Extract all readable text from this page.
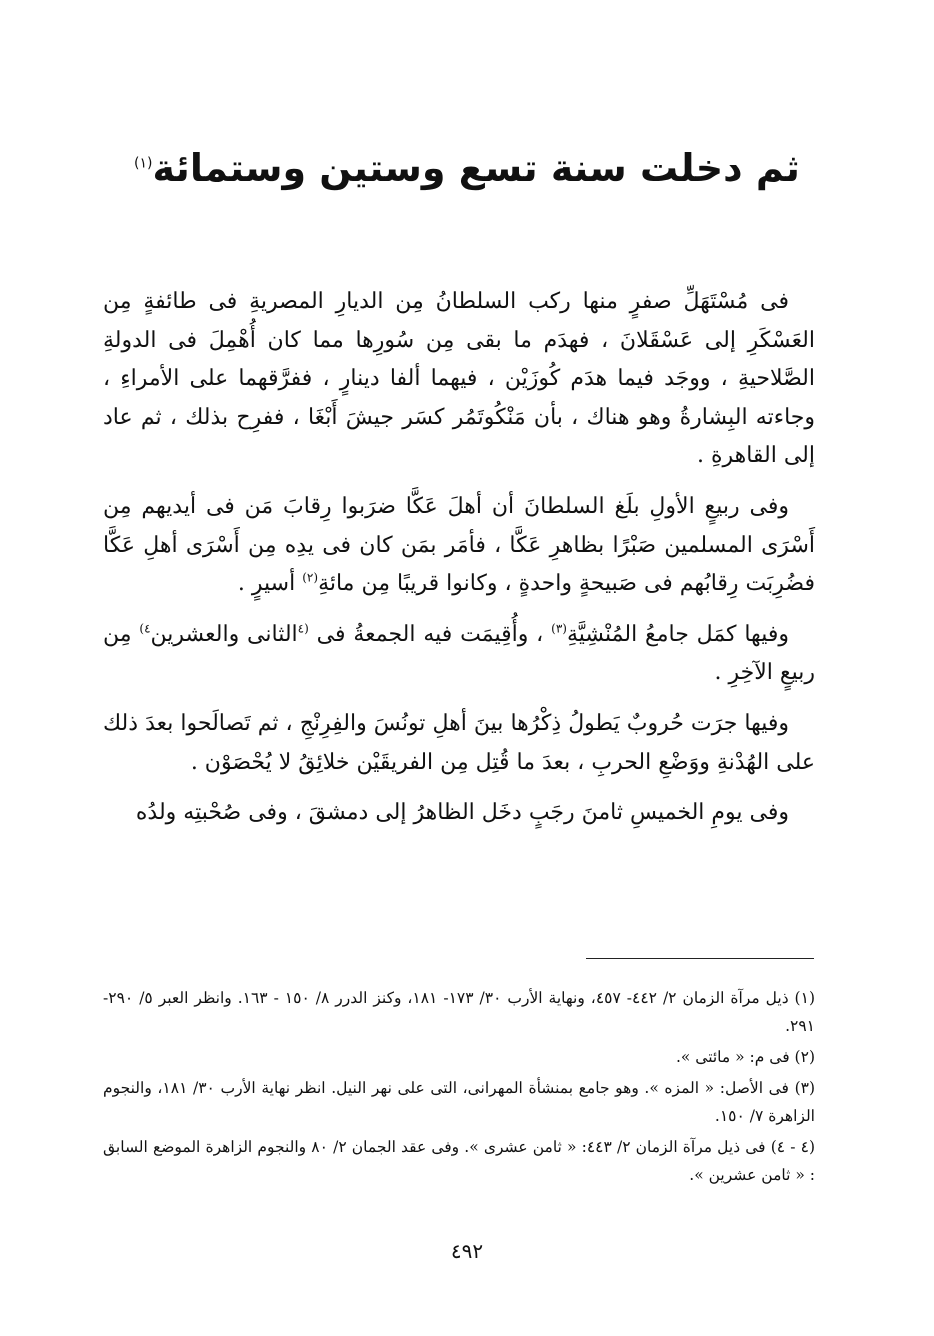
ثم دخلت سنة تسع وستين وستمائة$^{(١)}$

فى مُسْتَهَلِّ صفرٍ منها ركب السلطانُ مِن الديارِ المصريةِ فى طائفةٍ مِن العَسْكَرِ إلى عَسْقَلانَ ، فهدَم ما بقى مِن سُورِها مما كان أُهْمِلَ فى الدولةِ الصَّلاحيةِ ، ووجَد فيما هدَم كُوزَيْن ، فيهما ألفا دينارٍ ، ففرَّقهما على الأمراءِ ، وجاءته البِشارةُ وهو هناك ، بأن مَنْكُوتَمُر كسَر جيشَ أَبْغَا ، ففرِح بذلك ، ثم عاد إلى القاهرةِ .

وفى ربيعٍ الأولِ بلَغ السلطانَ أن أهلَ عَكَّا ضرَبوا رِقابَ مَن فى أيديهم مِن أَسْرَى المسلمين صَبْرًا بظاهرِ عَكَّا ، فأمَر بمَن كان فى يدِه مِن أَسْرَى أهلِ عَكَّا فضُرِبَت رِقابُهم فى صَبيحةٍ واحدةٍ ، وكانوا قريبًا مِن مائةِ$^{(٢)}$ أسيرٍ .

وفيها كمَل جامعُ المُنْشِيَّةِ$^{(٣)}$ ، وأُقِيمَت فيه الجمعةُ فى $^{(٤}$الثانى والعشرين$^{٤)}$ مِن ربيعٍ الآخِرِ .

وفيها جرَت حُروبٌ يَطولُ ذِكْرُها بينَ أهلِ تونُسَ والفِرِنْجِ ، ثم تَصالَحوا بعدَ ذلك على الهُدْنةِ ووَضْعِ الحربِ ، بعدَ ما قُتِل مِن الفريقَيْن خلائِقُ لا يُحْصَوْن .

وفى يومِ الخميسِ ثامنَ رجَبٍ دخَل الظاهرُ إلى دمشقَ ، وفى صُحْبتِه ولدُه

(١) ذيل مرآة الزمان ٢/ ٤٤٢- ٤٥٧، ونهاية الأرب ٣٠/ ١٧٣- ١٨١، وكنز الدرر ٨/ ١٥٠ - ١٦٣. وانظر العبر ٥/ ٢٩٠- ٢٩١.

(٢) فى م: « مائتى ».

(٣) فى الأصل: « المزه ». وهو جامع بمنشأة المهرانى، التى على نهر النيل. انظر نهاية الأرب ٣٠/ ١٨١، والنجوم الزاهرة ٧/ ١٥٠.

(٤ - ٤) فى ذيل مرآة الزمان ٢/ ٤٤٣: « ثامن عشرى ». وفى عقد الجمان ٢/ ٨٠ والنجوم الزاهرة الموضع السابق : « ثامن عشرين ».

٤٩٢
